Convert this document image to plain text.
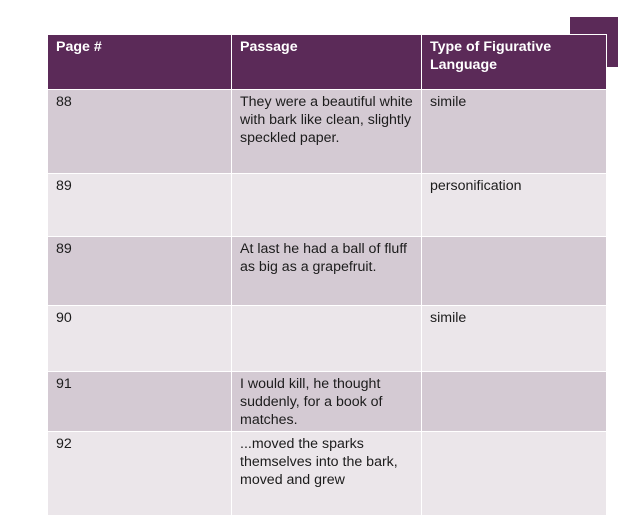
Page #	Passage	Type of Figurative Language
88	They were a beautiful white with bark like clean, slightly speckled paper.	simile
89		personification
89	At last he had a ball of fluff as big as a grapefruit.	
90		simile
91	I would kill, he thought suddenly, for a book of matches.	
92	...moved the sparks themselves into the bark, moved and grew	
